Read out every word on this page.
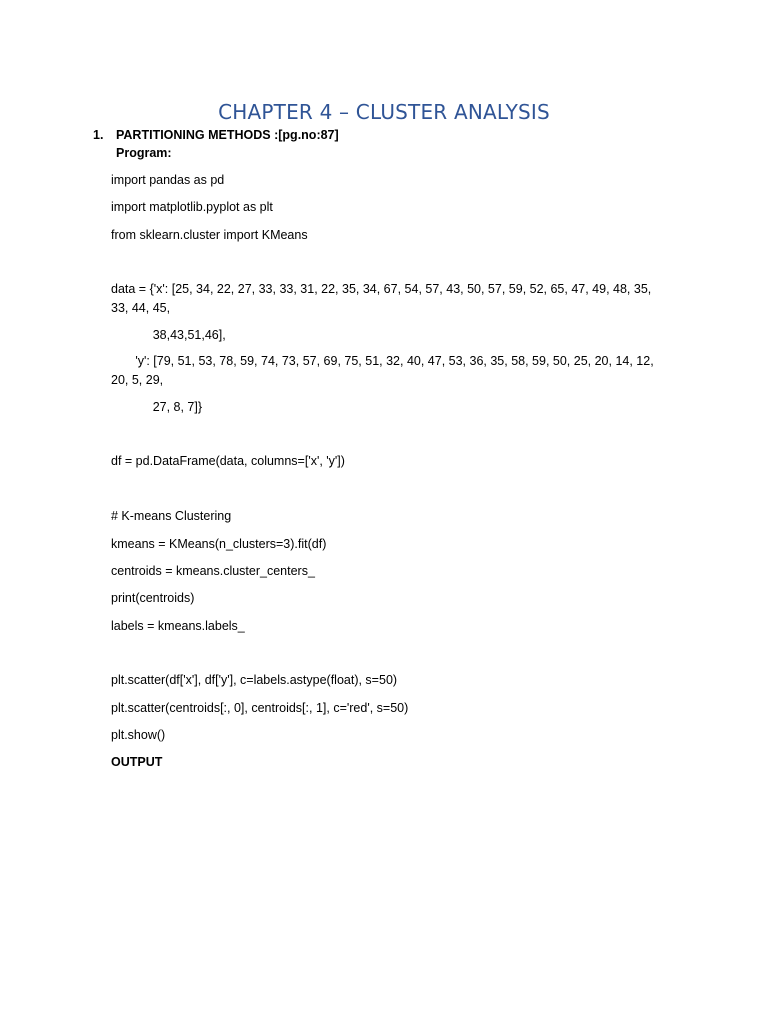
CHAPTER 4 – CLUSTER ANALYSIS
1. PARTITIONING METHODS :[pg.no:87]
Program:
import pandas as pd
import matplotlib.pyplot as plt
from sklearn.cluster import KMeans
data = {'x': [25, 34, 22, 27, 33, 33, 31, 22, 35, 34, 67, 54, 57, 43, 50, 57, 59, 52, 65, 47, 49, 48, 35, 33, 44, 45,
38,43,51,46],
'y': [79, 51, 53, 78, 59, 74, 73, 57, 69, 75, 51, 32, 40, 47, 53, 36, 35, 58, 59, 50, 25, 20, 14, 12, 20, 5, 29,
27, 8, 7]}
df = pd.DataFrame(data, columns=['x', 'y'])
# K-means Clustering
kmeans = KMeans(n_clusters=3).fit(df)
centroids = kmeans.cluster_centers_
print(centroids)
labels = kmeans.labels_
plt.scatter(df['x'], df['y'], c=labels.astype(float), s=50)
plt.scatter(centroids[:, 0], centroids[:, 1], c='red', s=50)
plt.show()
OUTPUT
